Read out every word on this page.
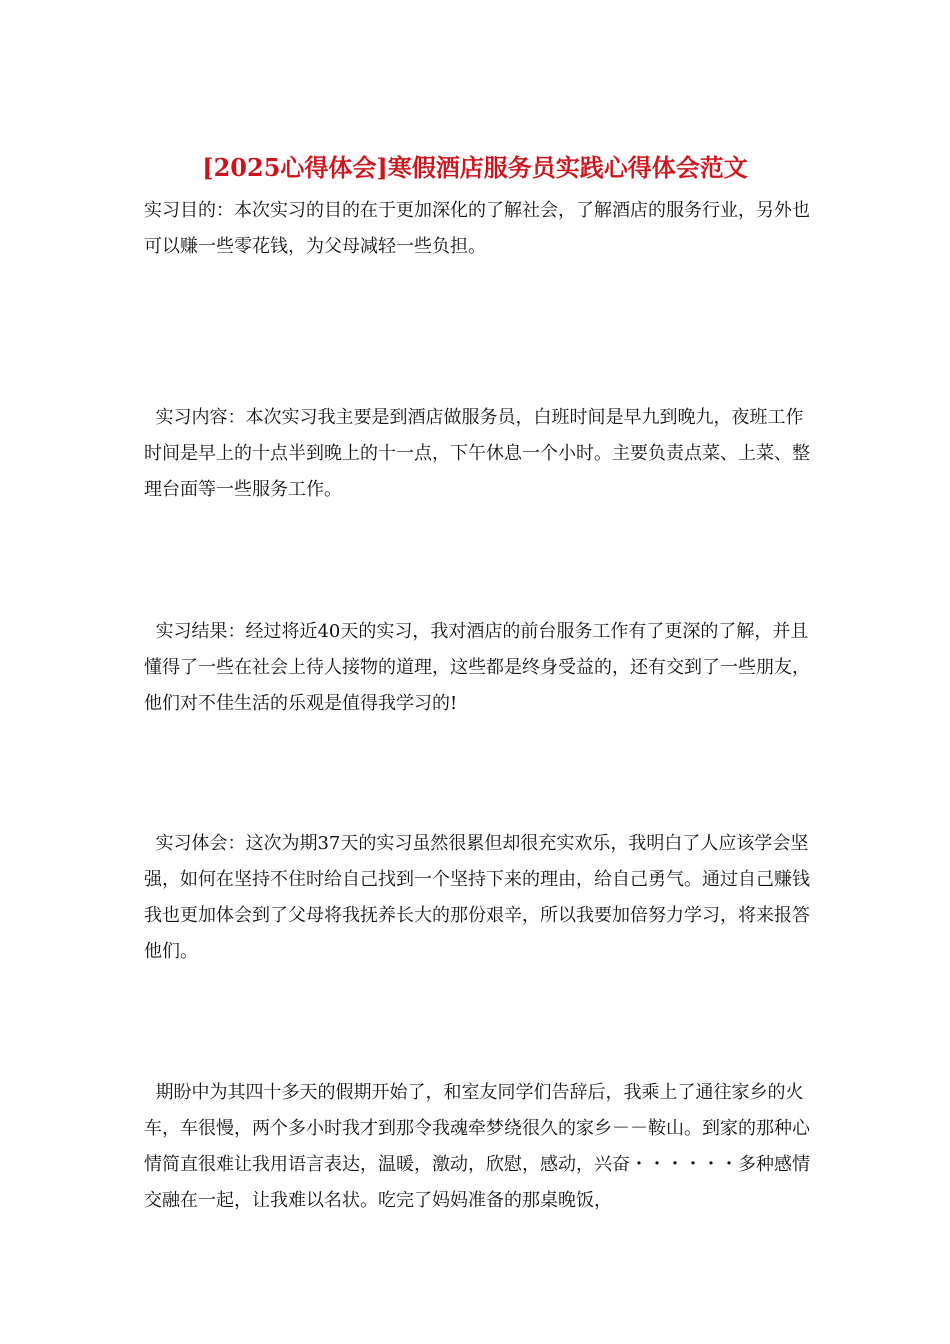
[2025心得体会]寒假酒店服务员实践心得体会范文

实习目的：本次实习的目的在于更加深化的了解社会，了解酒店的服务行业，另外也可以赚一些零花钱，为父母减轻一些负担。

实习内容：本次实习我主要是到酒店做服务员，白班时间是早九到晚九，夜班工作时间是早上的十点半到晚上的十一点，下午休息一个小时。主要负责点菜、上菜、整理台面等一些服务工作。

实习结果：经过将近40天的实习，我对酒店的前台服务工作有了更深的了解，并且懂得了一些在社会上待人接物的道理，这些都是终身受益的，还有交到了一些朋友，他们对不佳生活的乐观是值得我学习的!

实习体会：这次为期37天的实习虽然很累但却很充实欢乐，我明白了人应该学会坚强，如何在坚持不住时给自己找到一个坚持下来的理由，给自己勇气。通过自己赚钱我也更加体会到了父母将我抚养长大的那份艰辛，所以我要加倍努力学习，将来报答他们。

期盼中为其四十多天的假期开始了，和室友同学们告辞后，我乘上了通往家乡的火车，车很慢，两个多小时我才到那令我魂牵梦绕很久的家乡－－鞍山。到家的那种心情简直很难让我用语言表达，温暖，激动，欣慰，感动，兴奋・・・・・・多种感情交融在一起，让我难以名状。吃完了妈妈准备的那桌晚饭，
